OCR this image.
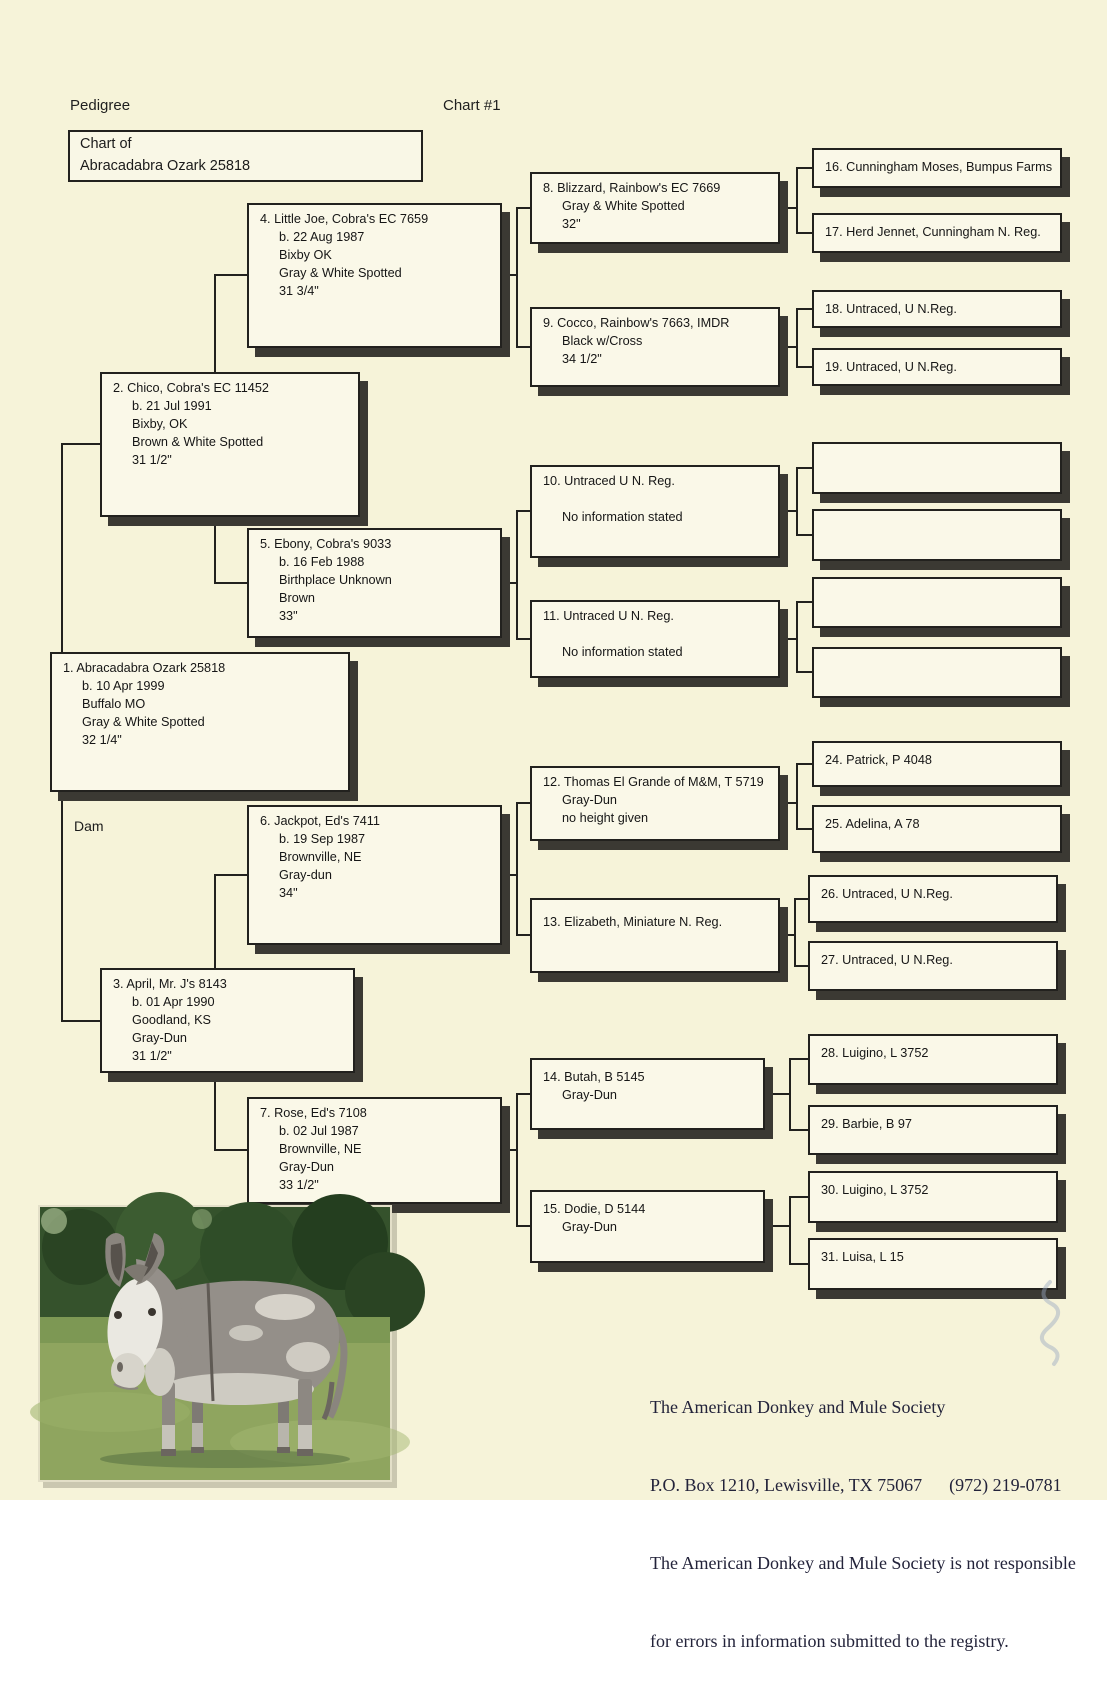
Pedigree	Chart #1
Chart of
Abracadabra Ozark 25818
1. Abracadabra Ozark 25818
b. 10 Apr 1999
Buffalo MO
Gray & White Spotted
32 1/4"
Dam
2. Chico, Cobra's EC 11452
b. 21 Jul 1991
Bixby, OK
Brown & White Spotted
31 1/2"
3. April, Mr. J's 8143
b. 01 Apr 1990
Goodland, KS
Gray-Dun
31 1/2"
4. Little Joe, Cobra's EC 7659
b. 22 Aug 1987
Bixby OK
Gray & White Spotted
31 3/4"
5. Ebony, Cobra's 9033
b. 16 Feb 1988
Birthplace Unknown
Brown
33"
6. Jackpot, Ed's 7411
b. 19 Sep 1987
Brownville, NE
Gray-dun
34"
7. Rose, Ed's 7108
b. 02 Jul 1987
Brownville, NE
Gray-Dun
33 1/2"
8. Blizzard, Rainbow's EC 7669
Gray & White Spotted
32"
9. Cocco, Rainbow's 7663, IMDR
Black w/Cross
34 1/2"
10. Untraced U N. Reg.

No information stated
11. Untraced U N. Reg.

No information stated
12. Thomas El Grande of M&M, T 5719
Gray-Dun
no height given
13. Elizabeth, Miniature N. Reg.
14. Butah, B 5145
Gray-Dun
15. Dodie, D 5144
Gray-Dun
16. Cunningham Moses, Bumpus Farms
17. Herd Jennet, Cunningham N. Reg.
18. Untraced, U N.Reg.
19. Untraced, U N.Reg.
24. Patrick, P 4048
25. Adelina, A 78
26. Untraced, U N.Reg.
27. Untraced, U N.Reg.
28. Luigino, L 3752
29. Barbie, B 97
30. Luigino, L 3752
31. Luisa, L 15

The American Donkey and Mule Society

P.O. Box 1210, Lewisville, TX 75067      (972) 219-0781

The American Donkey and Mule Society is not responsible

for errors in information submitted to the registry.
